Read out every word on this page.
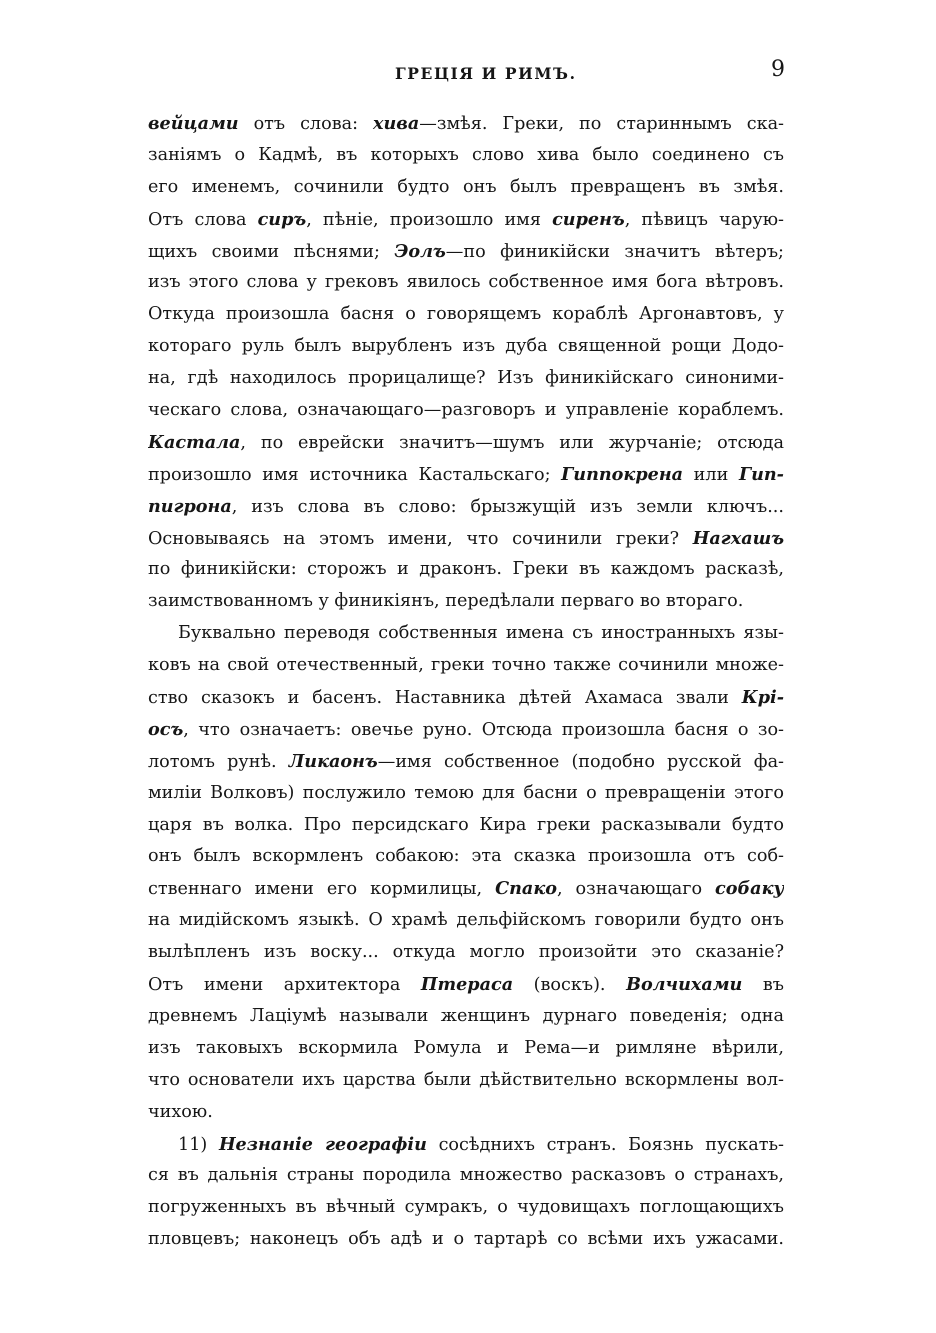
ГРЕЦІЯ И РИМЪ.	9
вейцами отъ слова: хива—змѣя. Греки, по стариннымъ ска-
заніямъ о Кадмѣ, въ которыхъ слово хива было соединено съ
его именемъ, сочинили будто онъ былъ превращенъ въ змѣя.
Отъ слова сиръ, пѣніе, произошло имя сиренъ, пѣвицъ чарую-
щихъ своими пѣснями; Эолъ—по финикійски значитъ вѣтеръ;
изъ этого слова у грековъ явилось собственное имя бога вѣтровъ.
Откуда произошла басня о говорящемъ кораблѣ Аргонавтовъ, у
котораго руль былъ вырубленъ изъ дуба священной рощи Додо-
на, гдѣ находилось прорицалище? Изъ финикійскаго синоними-
ческаго слова, означающаго—разговоръ и управленіе кораблемъ.
Кастала, по еврейски значитъ—шумъ или журчаніе; отсюда
произошло имя источника Кастальскаго; Гиппокрена или Гип-
пигрона, изъ слова въ слово: брызжущій изъ земли ключъ...
Основываясь на этомъ имени, что сочинили греки? Нагхашъ
по финикійски: сторожъ и драконъ. Греки въ каждомъ расказѣ,
заимствованномъ у финикіянъ, передѣлали перваго во втораго.
Буквально переводя собственныя имена съ иностранныхъ язы-
ковъ на свой отечественный, греки точно также сочинили множе-
ство сказокъ и басенъ. Наставника дѣтей Ахамаса звали Крі-
осъ, что означаетъ: овечье руно. Отсюда произошла басня о зо-
лотомъ рунѣ. Ликаонъ—имя собственное (подобно русской фа-
миліи Волковъ) послужило темою для басни о превращеніи этого
царя въ волка. Про персидскаго Кира греки расказывали будто
онъ былъ вскормленъ собакою: эта сказка произошла отъ соб-
ственнаго имени его кормилицы, Спако, означающаго собаку
на мидійскомъ языкѣ. О храмѣ дельфійскомъ говорили будто онъ
вылѣпленъ изъ воску... откуда могло произойти это сказаніе?
Отъ имени архитектора Птераса (воскъ). Волчихами въ
древнемъ Лаціумѣ называли женщинъ дурнаго поведенія; одна
изъ таковыхъ вскормила Ромула и Рема—и римляне вѣрили,
что основатели ихъ царства были дѣйствительно вскормлены вол-
чихою.
11) Незнаніе географіи сосѣднихъ странъ. Боязнь пускать-
ся въ дальнія страны породила множество расказовъ о странахъ,
погруженныхъ въ вѣчный сумракъ, о чудовищахъ поглощающихъ
пловцевъ; наконецъ объ адѣ и о тартарѣ со всѣми ихъ ужасами.
